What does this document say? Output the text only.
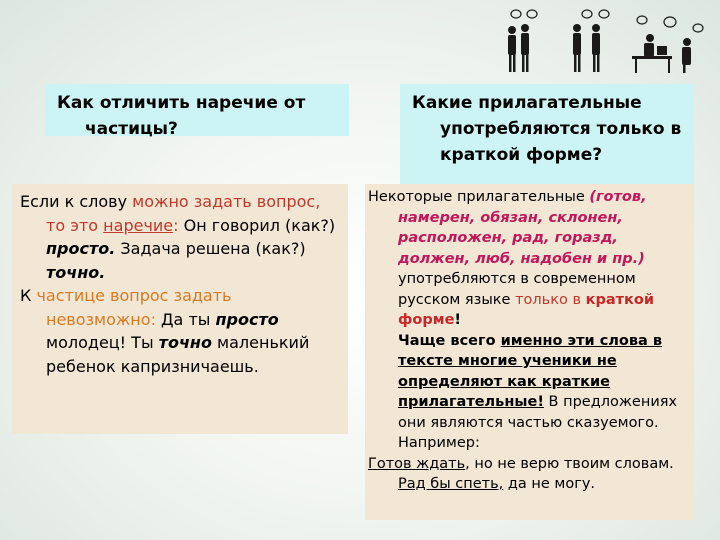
Как отличить наречие от частицы?
Какие прилагательные употребляются только в краткой форме?

Если к слову можно задать вопрос, то это наречие: Он говорил (как?) просто. Задача решена (как?) точно.

К частице вопрос задать невозможно: Да ты просто молодец! Ты точно маленький ребенок капризничаешь.

Некоторые прилагательные (готов, намерен, обязан, склонен, расположен, рад, горазд, должен, люб, надобен и пр.) употребляются в современном русском языке только в краткой форме!

Чаще всего именно эти слова в тексте многие ученики не определяют как краткие прилагательные! В предложениях они являются частью сказуемого. Например:

Готов ждать, но не верю твоим словам. Рад бы спеть, да не могу.
